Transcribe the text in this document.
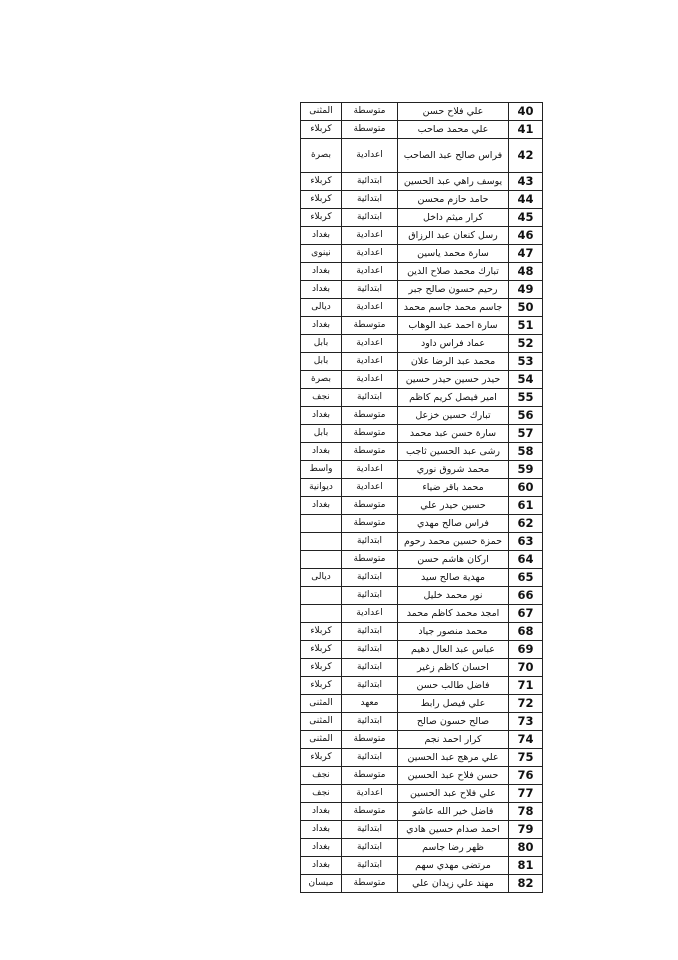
40	علي فلاح حسن	متوسطة	المثنى
41	علي محمد صاحب	متوسطة	كربلاء
42	فراس صالح عبد الصاحب	اعدادية	بصرة
43	يوسف راهي عبد الحسين	ابتدائية	كربلاء
44	حامد حازم محسن	ابتدائية	كربلاء
45	كرار ميثم داخل	ابتدائية	كربلاء
46	رسل كنعان عبد الرزاق	اعدادية	بغداد
47	سارة محمد ياسين	اعدادية	نينوى
48	تبارك محمد صلاح الدين	اعدادية	بغداد
49	رحيم حسون صالح جبر	ابتدائية	بغداد
50	جاسم محمد جاسم محمد	اعدادية	ديالى
51	سارة احمد عبد الوهاب	متوسطة	بغداد
52	عماد فراس داود	اعدادية	بابل
53	محمد عبد الرضا علان	اعدادية	بابل
54	حيدر حسين حيدر حسين	اعدادية	بصرة
55	امير فيصل كريم كاظم	ابتدائية	نجف
56	تبارك حسين خزعل	متوسطة	بغداد
57	سارة حسن عبد محمد	متوسطة	بابل
58	رشى عبد الحسين ثاجب	متوسطة	بغداد
59	محمد شروق نوري	اعدادية	واسط
60	محمد باقر ضياء	اعدادية	ديوانية
61	حسين حيدر علي	متوسطة	بغداد
62	فراس صالح مهدي	متوسطة	
63	حمزة حسين محمد رحوم	ابتدائية	
64	اركان هاشم حسن	متوسطة	
65	مهدية صالح سيد	ابتدائية	ديالى
66	نور محمد خليل	ابتدائية	
67	امجد محمد كاظم محمد	اعدادية	
68	محمد منصور جياد	ابتدائية	كربلاء
69	عباس عبد العال دهيم	ابتدائية	كربلاء
70	احسان كاظم زغير	ابتدائية	كربلاء
71	فاضل طالب حسن	ابتدائية	كربلاء
72	علي فيصل رابط	معهد	المثنى
73	صالح حسون صالح	ابتدائية	المثنى
74	كرار احمد نجم	متوسطة	المثنى
75	علي مرهج عبد الحسين	ابتدائية	كربلاء
76	حسن فلاح عبد الحسين	متوسطة	نجف
77	علي فلاح عبد الحسين	اعدادية	نجف
78	فاضل خير الله عاشو	متوسطة	بغداد
79	احمد صدام حسين هادي	ابتدائية	بغداد
80	ظهر رضا جاسم	ابتدائية	بغداد
81	مرتضى مهدي سهم	ابتدائية	بغداد
82	مهند علي زيدان علي	متوسطة	ميسان
